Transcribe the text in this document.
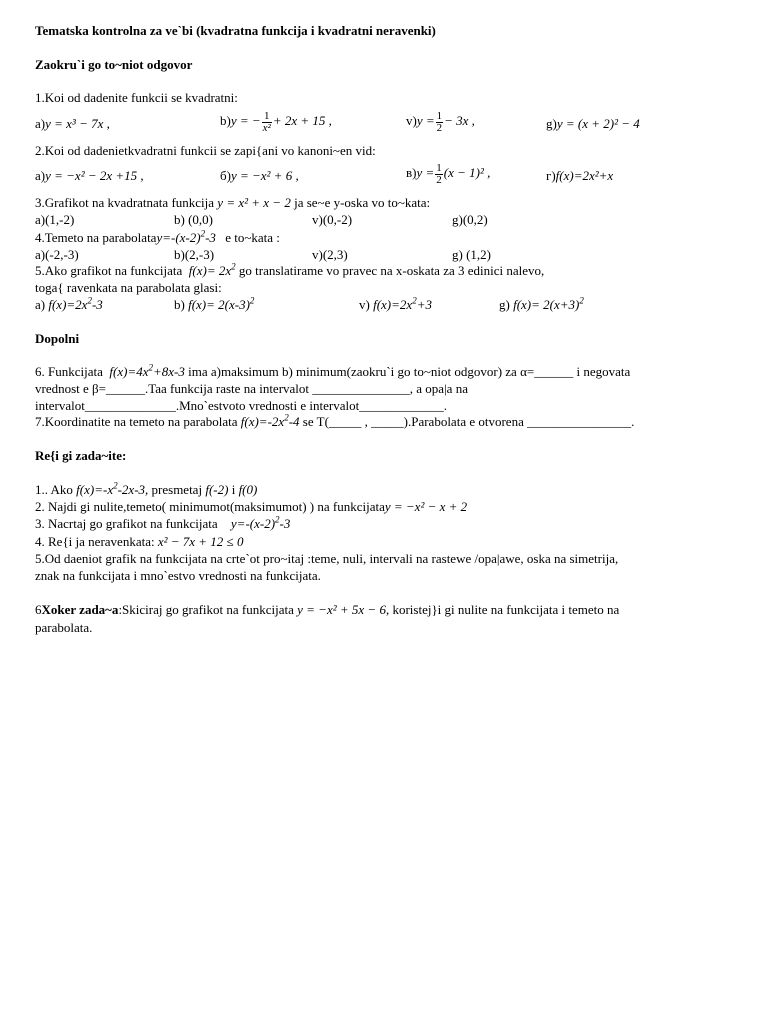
Tematska kontrolna za ve`bi (kvadratna funkcija i kvadratni neravenki)
Zaokru`i go to~niot odgovor
1.Koi od dadenite funkcii se kvadratni:
a)y = x³ − 7x ,	b)y = − $\frac{1}{\text{x²}} + 2x + 15$ ,	$v)y = \frac{1}{2} - 3x$ ,	g)y = (x + 2)² − 4
2.Koi od dadenietkvadratni funkcii se zapi{ani vo kanoni~en vid:
a)y = −x² − 2x +15 ,	б)y = −x² + 6 ,	$в)y = \frac{1}{2} (x - 1)^2$ ,	г)f(x)=2x²+x
3.Grafikot na kvadratnata funkcija y = x² + x − 2 ja se~e y-oska vo to~kata:
a)(1,-2)	b) (0,0)	v)(0,-2)	g)(0,2)
4.Temeto na $parabolatay=-(x-2)^2-3$ e to~kata :
a)(-2,-3)	b)(2,-3)	v)(2,3)	g) (1,2)
5.Ako grafikot na funkcijata  $f(x)= 2x^2$ go translatirame vo pravec na x-oskata za 3 edinici nalevo,
toga{ ravenkata na parabolata glasi:
a) $f(x)=2x^2-3$	b) $f(x)= 2(x-3)^2$	v) $f(x)=2x^2+3$	g) $f(x)= 2(x+3)^2$
Dopolni
6. Funkcijata  $f(x)=4x^2+8x-3$ ima a)maksimum b) minimum(zaokru`i go to~niot odgovor) za α=______ i negovata
vrednost e β=______.Taa funkcija raste na intervalot _______________, a opa|a na
intervalot______________.Mno`estvoto vrednosti e intervalot_____________.
7.Koordinatite na temeto na parabolata $f(x)=-2x^2-4$ se T(_____ , _____).Parabolata e otvorena ________________.
Re{i gi zada~ite:
1.. Ako $f(x)=-x^2-2x-3$, presmetaj f(-2) i f(0)
2. Najdi gi nulite,temeto( minimumot(maksimumot) ) na funkcijatay = −x² − x + 2
3. Nacrtaj go grafikot na funkcijata $y=-(x-2)^2-3$
4. Re{i ja neravenkata: x² − 7x + 12 ≤ 0
5.Od daeniot grafik na funkcijata na crte`ot pro~itaj :teme, nuli, intervali na rastewe /opa|awe, oska na simetrija,
znak na funkcijata i mno`estvo vrednosti na funkcijata.
6Xoker zada~a:Skiciraj go grafikot na funkcijata y = −x² + 5x − 6, koristej}i gi nulite na funkcijata i temeto na
parabolata.
